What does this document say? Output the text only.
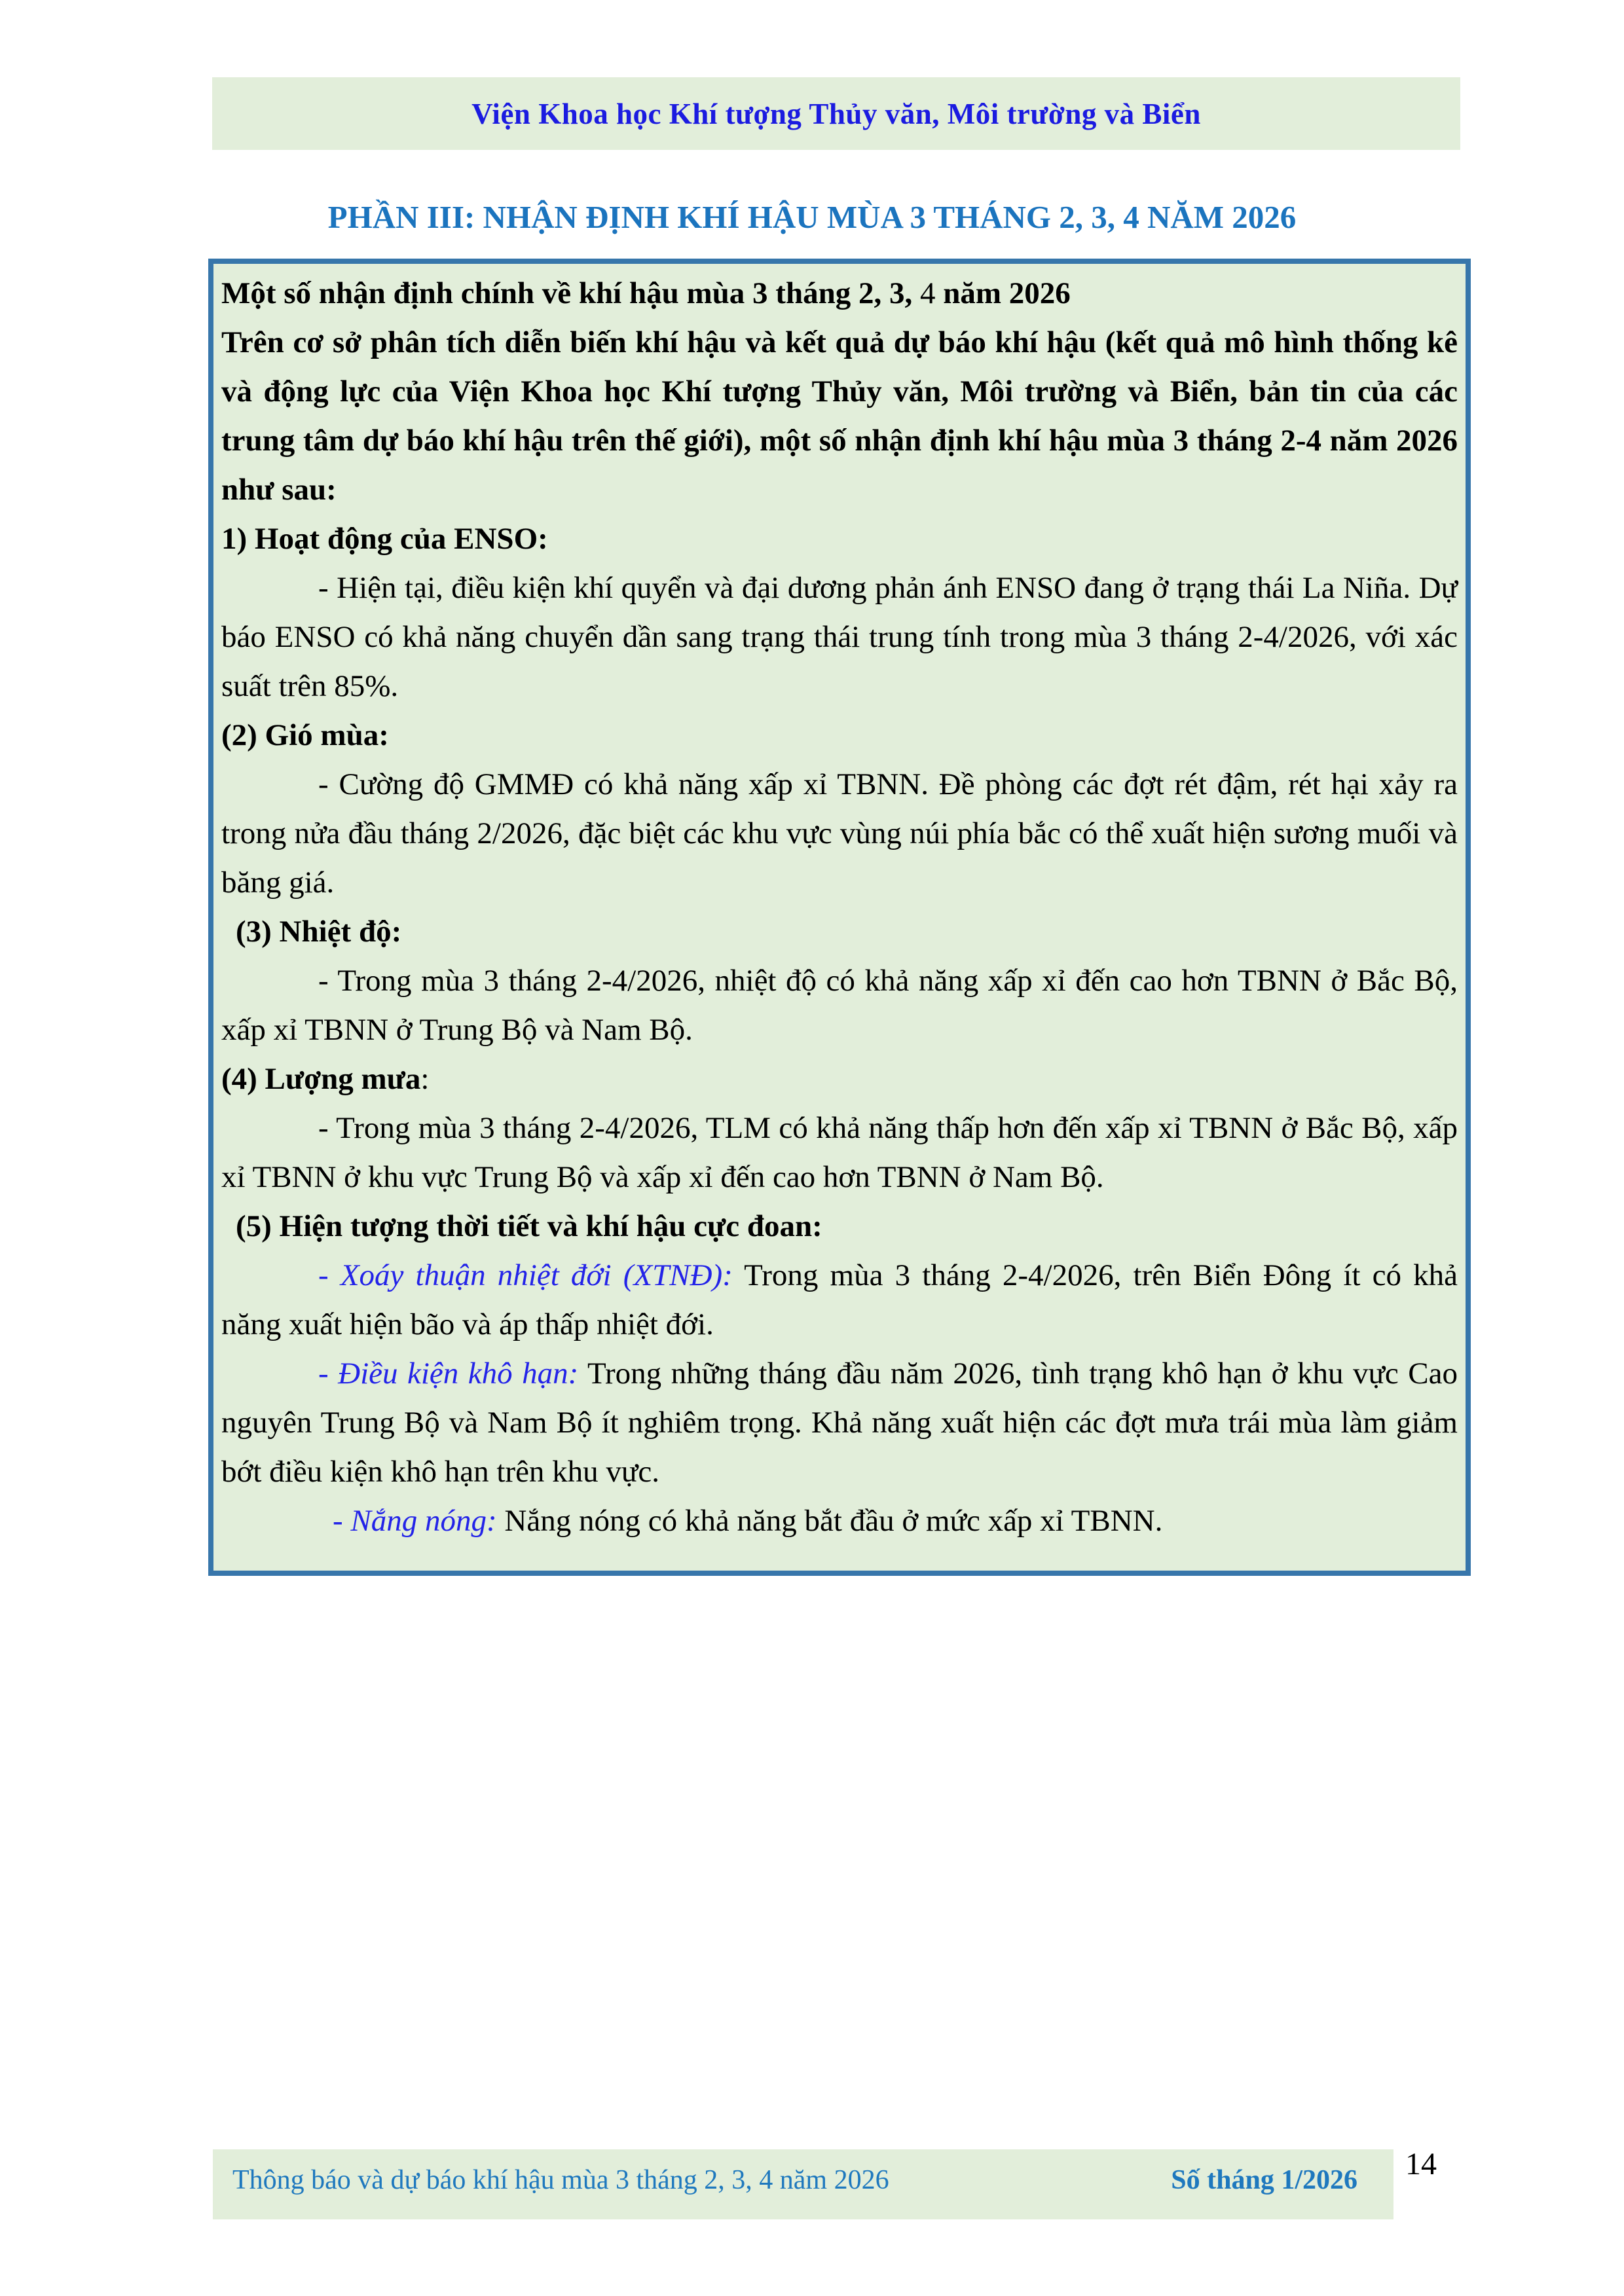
Viện Khoa học Khí tượng Thủy văn, Môi trường và Biển
PHẦN III: NHẬN ĐỊNH KHÍ HẬU MÙA 3 THÁNG 2, 3, 4 NĂM 2026

Một số nhận định chính về khí hậu mùa 3 tháng 2, 3, 4 năm 2026

Trên cơ sở phân tích diễn biến khí hậu và kết quả dự báo khí hậu (kết quả mô hình thống kê và động lực của Viện Khoa học Khí tượng Thủy văn, Môi trường và Biển, bản tin của các trung tâm dự báo khí hậu trên thế giới), một số nhận định khí hậu mùa 3 tháng 2-4 năm 2026 như sau:

1) Hoạt động của ENSO:

- Hiện tại, điều kiện khí quyển và đại dương phản ánh ENSO đang ở trạng thái La Niña. Dự báo ENSO có khả năng chuyển dần sang trạng thái trung tính trong mùa 3 tháng 2-4/2026, với xác suất trên 85%.

(2) Gió mùa:

- Cường độ GMMĐ có khả năng xấp xỉ TBNN. Đề phòng các đợt rét đậm, rét hại xảy ra trong nửa đầu tháng 2/2026, đặc biệt các khu vực vùng núi phía bắc có thể xuất hiện sương muối và băng giá.

(3) Nhiệt độ:

- Trong mùa 3 tháng 2-4/2026, nhiệt độ có khả năng xấp xỉ đến cao hơn TBNN ở Bắc Bộ, xấp xỉ TBNN ở Trung Bộ và Nam Bộ.

(4) Lượng mưa:

- Trong mùa 3 tháng 2-4/2026, TLM có khả năng thấp hơn đến xấp xỉ TBNN ở Bắc Bộ, xấp xỉ TBNN ở khu vực Trung Bộ và xấp xỉ đến cao hơn TBNN ở Nam Bộ.

(5) Hiện tượng thời tiết và khí hậu cực đoan:

- Xoáy thuận nhiệt đới (XTNĐ): Trong mùa 3 tháng 2-4/2026, trên Biển Đông ít có khả năng xuất hiện bão và áp thấp nhiệt đới.

- Điều kiện khô hạn: Trong những tháng đầu năm 2026, tình trạng khô hạn ở khu vực Cao nguyên Trung Bộ và Nam Bộ ít nghiêm trọng. Khả năng xuất hiện các đợt mưa trái mùa làm giảm bớt điều kiện khô hạn trên khu vực.

- Nắng nóng: Nắng nóng có khả năng bắt đầu ở mức xấp xỉ TBNN.

Thông báo và dự báo khí hậu mùa 3 tháng 2, 3, 4 năm 2026	Số tháng 1/2026 14
